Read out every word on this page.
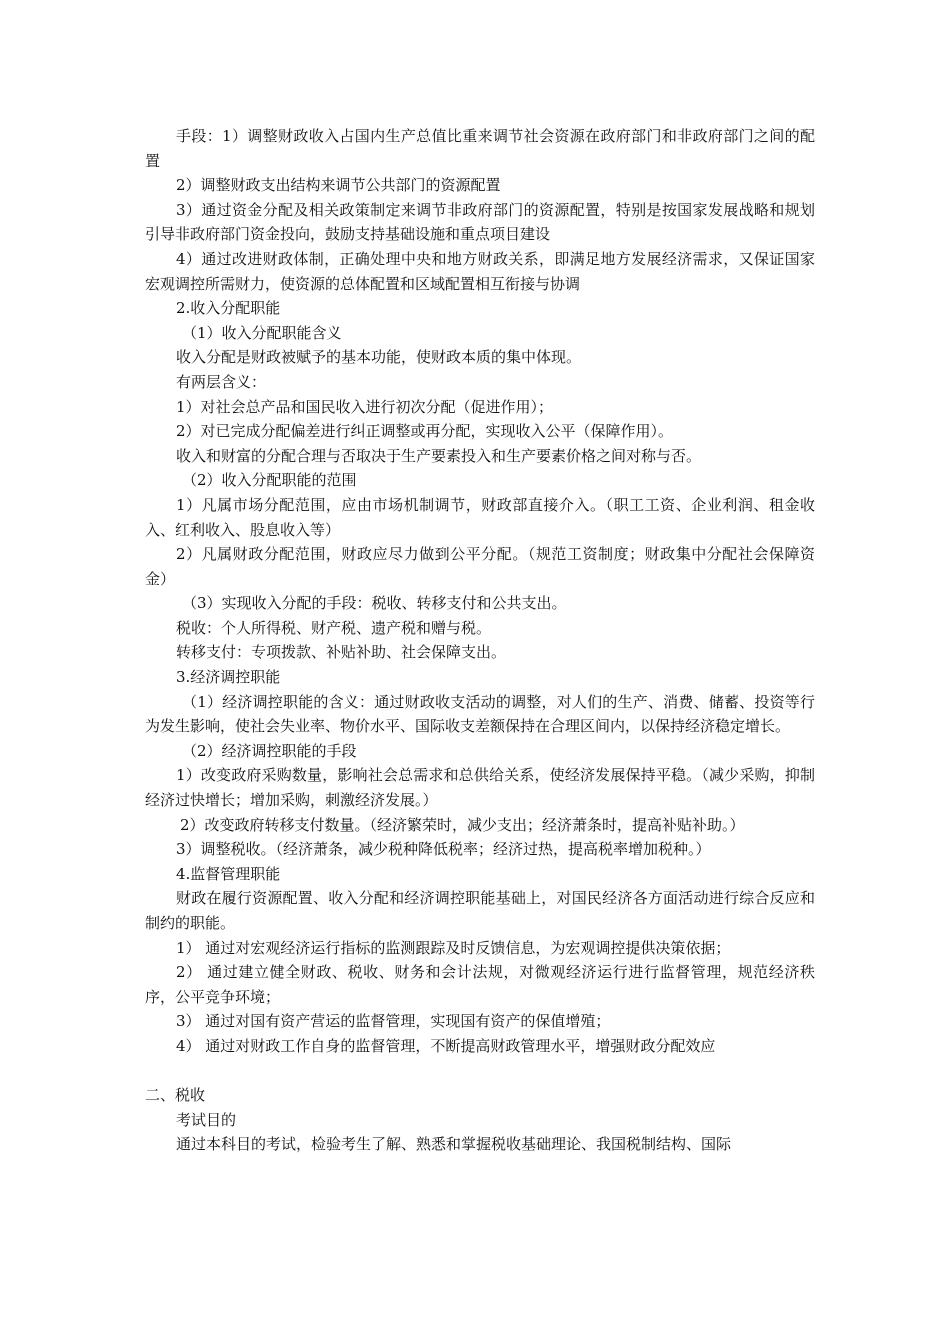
手段：1）调整财政收入占国内生产总值比重来调节社会资源在政府部门和非政府部门之间的配置

2）调整财政支出结构来调节公共部门的资源配置

3）通过资金分配及相关政策制定来调节非政府部门的资源配置，特别是按国家发展战略和规划引导非政府部门资金投向，鼓励支持基础设施和重点项目建设

4）通过改进财政体制，正确处理中央和地方财政关系，即满足地方发展经济需求，又保证国家宏观调控所需财力，使资源的总体配置和区域配置相互衔接与协调

2.收入分配职能

（1）收入分配职能含义

收入分配是财政被赋予的基本功能，使财政本质的集中体现。

有两层含义：

1）对社会总产品和国民收入进行初次分配（促进作用）；

2）对已完成分配偏差进行纠正调整或再分配，实现收入公平（保障作用）。

收入和财富的分配合理与否取决于生产要素投入和生产要素价格之间对称与否。

（2）收入分配职能的范围

1）凡属市场分配范围，应由市场机制调节，财政部直接介入。（职工工资、企业利润、租金收入、红利收入、股息收入等）

2）凡属财政分配范围，财政应尽力做到公平分配。（规范工资制度；财政集中分配社会保障资金）

（3）实现收入分配的手段：税收、转移支付和公共支出。

税收：个人所得税、财产税、遗产税和赠与税。

转移支付：专项拨款、补贴补助、社会保障支出。

3.经济调控职能

（1）经济调控职能的含义：通过财政收支活动的调整，对人们的生产、消费、储蓄、投资等行为发生影响，使社会失业率、物价水平、国际收支差额保持在合理区间内，以保持经济稳定增长。

（2）经济调控职能的手段

1）改变政府采购数量，影响社会总需求和总供给关系，使经济发展保持平稳。（减少采购，抑制经济过快增长；增加采购，刺激经济发展。）

2）改变政府转移支付数量。（经济繁荣时，减少支出；经济萧条时，提高补贴补助。）

3）调整税收。（经济萧条，减少税种降低税率；经济过热，提高税率增加税种。）

4.监督管理职能

财政在履行资源配置、收入分配和经济调控职能基础上，对国民经济各方面活动进行综合反应和制约的职能。

1） 通过对宏观经济运行指标的监测跟踪及时反馈信息，为宏观调控提供决策依据；

2） 通过建立健全财政、税收、财务和会计法规，对微观经济运行进行监督管理，规范经济秩序，公平竞争环境；

3） 通过对国有资产营运的监督管理，实现国有资产的保值增殖；

4） 通过对财政工作自身的监督管理，不断提高财政管理水平，增强财政分配效应

二、税收

考试目的

通过本科目的考试，检验考生了解、熟悉和掌握税收基础理论、我国税制结构、国际
